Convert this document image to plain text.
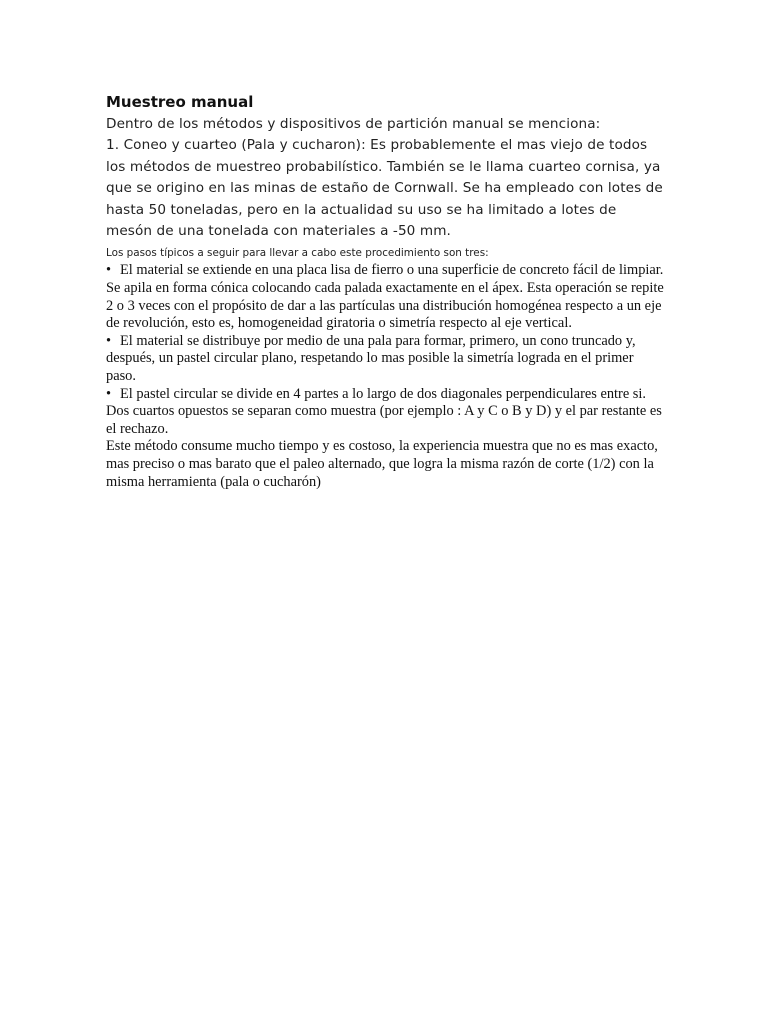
Muestreo manual

Dentro de los métodos y dispositivos de partición manual se menciona:

1. Coneo y cuarteo (Pala y cucharon): Es probablemente el mas viejo de todos los métodos de muestreo probabilístico. También se le llama cuarteo cornisa, ya que se origino en las minas de estaño de Cornwall. Se ha empleado con lotes de hasta 50 toneladas, pero en la actualidad su uso se ha limitado a lotes de mesón de una tonelada con materiales a -50 mm.

Los pasos típicos a seguir para llevar a cabo este procedimiento son tres:

• El material se extiende en una placa lisa de fierro o una superficie de concreto fácil de limpiar. Se apila en forma cónica colocando cada palada exactamente en el ápex. Esta operación se repite 2 o 3 veces con el propósito de dar a las partículas una distribución homogénea respecto a un eje de revolución, esto es, homogeneidad giratoria o simetría respecto al eje vertical.

• El material se distribuye por medio de una pala para formar, primero, un cono truncado y, después, un pastel circular plano, respetando lo mas posible la simetría lograda en el primer paso.

• El pastel circular se divide en 4 partes a lo largo de dos diagonales perpendiculares entre si. Dos cuartos opuestos se separan como muestra (por ejemplo : A y C o B y D) y el par restante es el rechazo.

Este método consume mucho tiempo y es costoso, la experiencia muestra que no es mas exacto, mas preciso o mas barato que el paleo alternado, que logra la misma razón de corte (1/2) con la misma herramienta (pala o cucharón)
